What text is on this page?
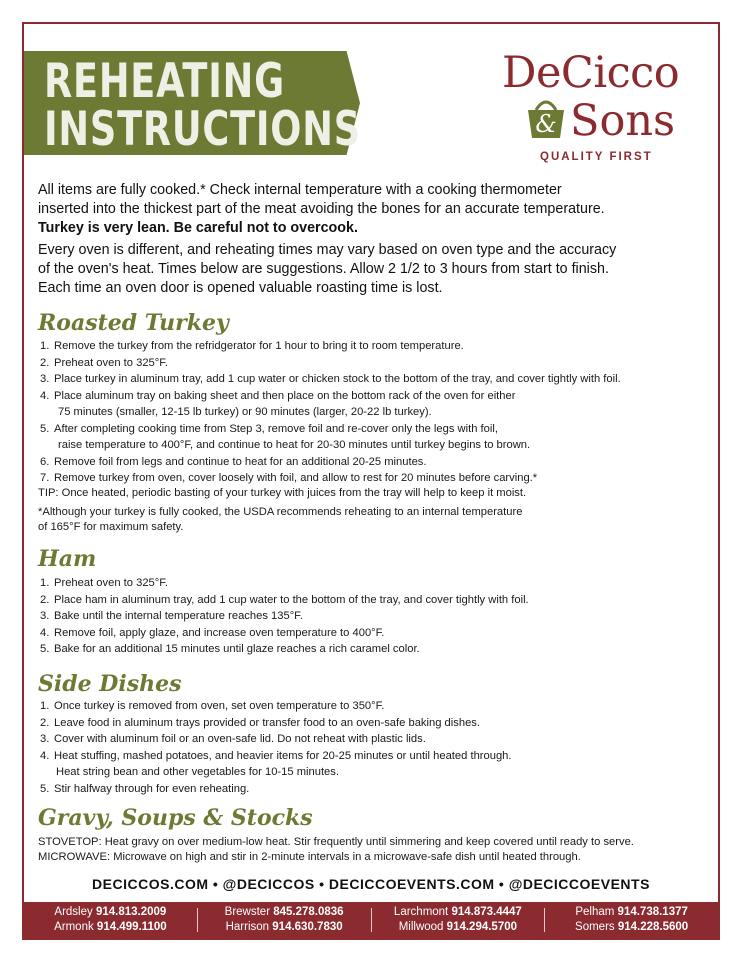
REHEATING
INSTRUCTIONS
DeCicco
& Sons
QUALITY FIRST
All items are fully cooked.* Check internal temperature with a cooking thermometer
inserted into the thickest part of the meat avoiding the bones for an accurate temperature.
Turkey is very lean. Be careful not to overcook.
Every oven is different, and reheating times may vary based on oven type and the accuracy
of the oven's heat. Times below are suggestions. Allow 2 1/2 to 3 hours from start to finish.
Each time an oven door is opened valuable roasting time is lost.
Roasted Turkey
1. Remove the turkey from the refridgerator for 1 hour to bring it to room temperature.
2. Preheat oven to 325°F.
3. Place turkey in aluminum tray, add 1 cup water or chicken stock to the bottom of the tray, and cover tightly with foil.
4. Place aluminum tray on baking sheet and then place on the bottom rack of the oven for either
75 minutes (smaller, 12-15 lb turkey) or 90 minutes (larger, 20-22 lb turkey).
5. After completing cooking time from Step 3, remove foil and re-cover only the legs with foil,
raise temperature to 400°F, and continue to heat for 20-30 minutes until turkey begins to brown.
6. Remove foil from legs and continue to heat for an additional 20-25 minutes.
7. Remove turkey from oven, cover loosely with foil, and allow to rest for 20 minutes before carving.*
TIP: Once heated, periodic basting of your turkey with juices from the tray will help to keep it moist.
*Although your turkey is fully cooked, the USDA recommends reheating to an internal temperature
of 165°F for maximum safety.
Ham
1. Preheat oven to 325°F.
2. Place ham in aluminum tray, add 1 cup water to the bottom of the tray, and cover tightly with foil.
3. Bake until the internal temperature reaches 135°F.
4. Remove foil, apply glaze, and increase oven temperature to 400°F.
5. Bake for an additional 15 minutes until glaze reaches a rich caramel color.
Side Dishes
1. Once turkey is removed from oven, set oven temperature to 350°F.
2. Leave food in aluminum trays provided or transfer food to an oven-safe baking dishes.
3. Cover with aluminum foil or an oven-safe lid. Do not reheat with plastic lids.
4. Heat stuffing, mashed potatoes, and heavier items for 20-25 minutes or until heated through.
Heat string bean and other vegetables for 10-15 minutes.
5. Stir halfway through for even reheating.
Gravy, Soups & Stocks
STOVETOP: Heat gravy on over medium-low heat. Stir frequently until simmering and keep covered until ready to serve.
MICROWAVE: Microwave on high and stir in 2-minute intervals in a microwave-safe dish until heated through.
DECICCOS.COM • @DECICCOS • DECICCOEVENTS.COM • @DECICCOEVENTS
Ardsley 914.813.2009
Armonk 914.499.1100
Brewster 845.278.0836
Harrison 914.630.7830
Larchmont 914.873.4447
Millwood 914.294.5700
Pelham 914.738.1377
Somers 914.228.5600
